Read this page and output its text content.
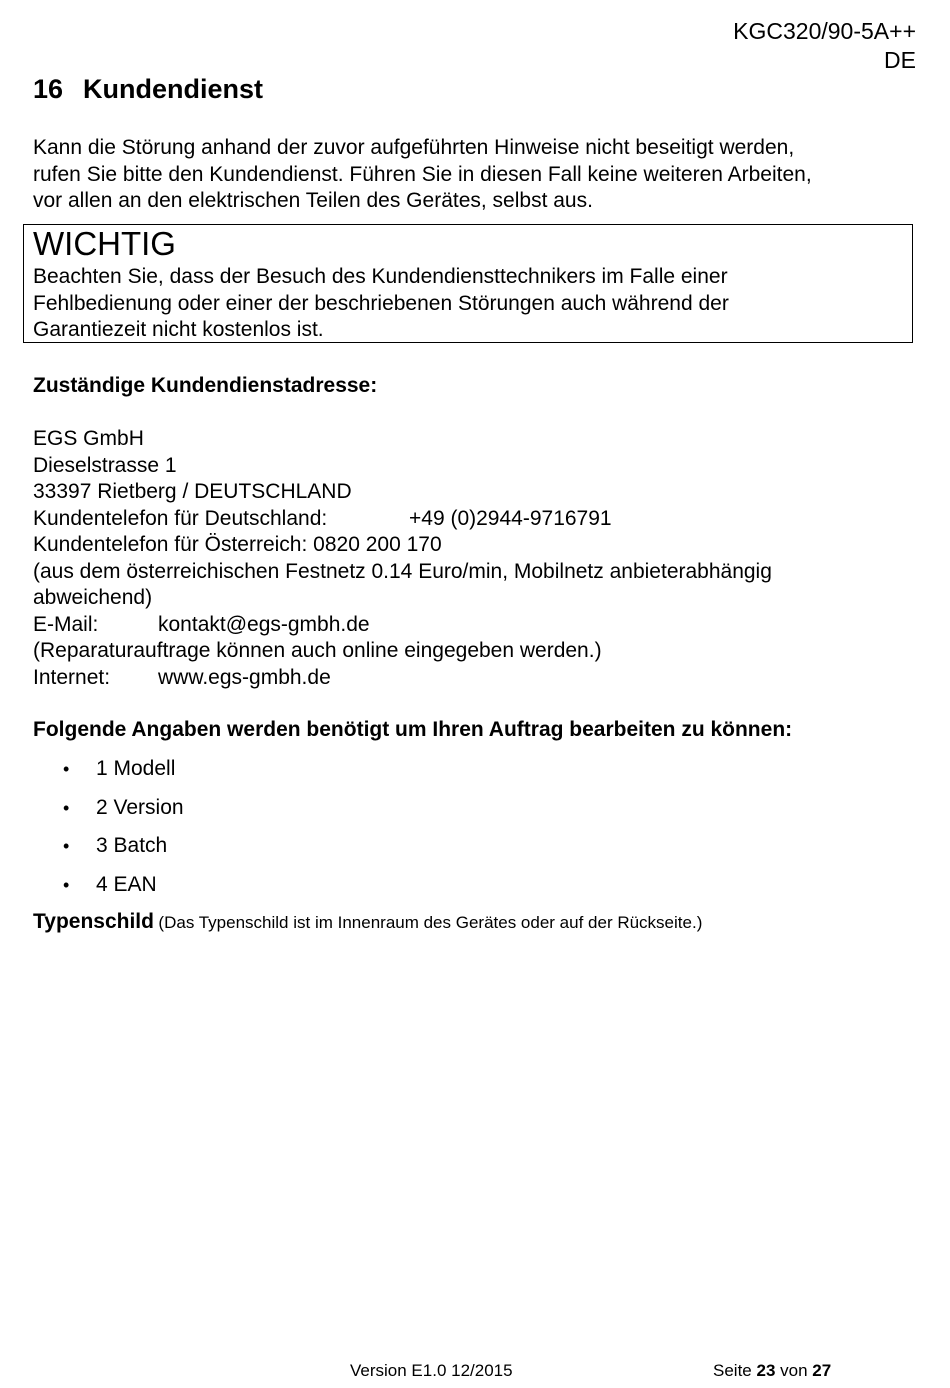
KGC320/90-5A++
DE
16 Kundendienst
Kann die Störung anhand der zuvor aufgeführten Hinweise nicht beseitigt werden,
rufen Sie bitte den Kundendienst. Führen Sie in diesen Fall keine weiteren Arbeiten,
vor allen an den elektrischen Teilen des Gerätes, selbst aus.
WICHTIG
Beachten Sie, dass der Besuch des Kundendiensttechnikers im Falle einer
Fehlbedienung oder einer der beschriebenen Störungen auch während der
Garantiezeit nicht kostenlos ist.
Zuständige Kundendienstadresse:
EGS GmbH
Dieselstrasse 1
33397 Rietberg / DEUTSCHLAND
Kundentelefon für Deutschland:	+49 (0)2944-9716791
Kundentelefon für Österreich: 0820 200 170
(aus dem österreichischen Festnetz 0.14 Euro/min, Mobilnetz anbieterabhängig
abweichend)
E-Mail:	kontakt@egs-gmbh.de
(Reparaturauftrage können auch online eingegeben werden.)
Internet: www.egs-gmbh.de
Folgende Angaben werden benötigt um Ihren Auftrag bearbeiten zu können:
• 1 Modell
• 2 Version
• 3 Batch
• 4 EAN
Typenschild (Das Typenschild ist im Innenraum des Gerätes oder auf der Rückseite.)
Version E1.0 12/2015	Seite 23 von 27
